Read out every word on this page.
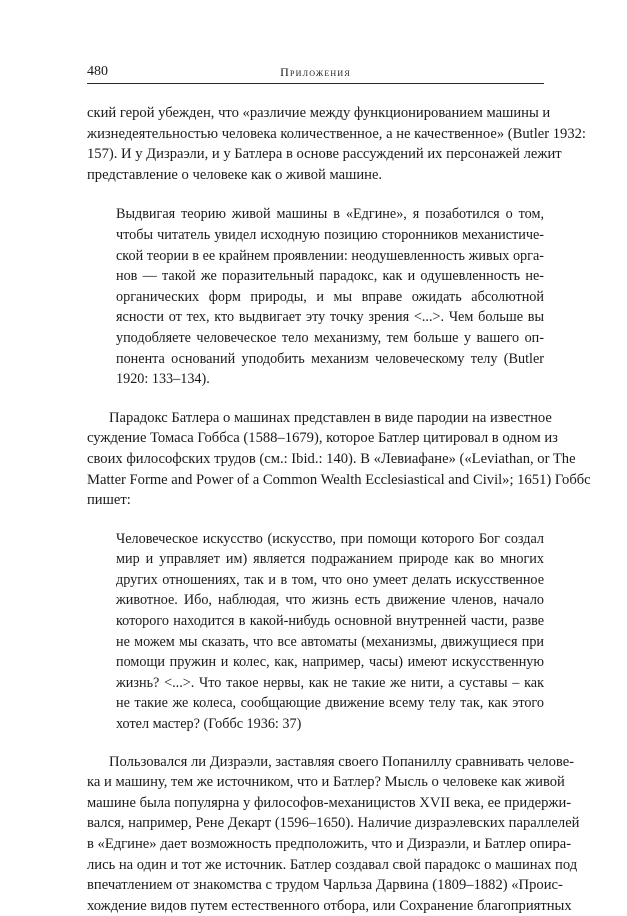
480	Приложения
ский герой убежден, что «различие между функционированием машины и
жизнедеятельностью человека количественное, а не качественное» (Butler 1932:
157). И у Дизраэли, и у Батлера в основе рассуждений их персонажей лежит
представление о человеке как о живой машине.
Выдвигая теорию живой машины в «Едгине», я позаботился о том,
чтобы читатель увидел исходную позицию сторонников механистиче-
ской теории в ее крайнем проявлении: неодушевленность живых орга-
нов — такой же поразительный парадокс, как и одушевленность не-
органических форм природы, и мы вправе ожидать абсолютной
ясности от тех, кто выдвигает эту точку зрения <...>. Чем больше вы
уподобляете человеческое тело механизму, тем больше у вашего оп-
понента оснований уподобить механизм человеческому телу (Butler
1920: 133–134).
Парадокс Батлера о машинах представлен в виде пародии на известное
суждение Томаса Гоббса (1588–1679), которое Батлер цитировал в одном из
своих философских трудов (см.: Ibid.: 140). В «Левиафане» («Leviathan, or The
Matter Forme and Power of a Common Wealth Ecclesiastical and Civil»; 1651) Гоббс
пишет:
Человеческое искусство (искусство, при помощи которого Бог создал
мир и управляет им) является подражанием природе как во многих
других отношениях, так и в том, что оно умеет делать искусственное
животное. Ибо, наблюдая, что жизнь есть движение членов, начало
которого находится в какой-нибудь основной внутренней части, разве
не можем мы сказать, что все автоматы (механизмы, движущиеся при
помощи пружин и колес, как, например, часы) имеют искусственную
жизнь? <...>. Что такое нервы, как не такие же нити, а суставы – как
не такие же колеса, сообщающие движение всему телу так, как этого
хотел мастер? (Гоббс 1936: 37)
Пользовался ли Дизраэли, заставляя своего Попаниллу сравнивать челове-
ка и машину, тем же источником, что и Батлер? Мысль о человеке как живой
машине была популярна у философов-механицистов XVII века, ее придержи-
вался, например, Рене Декарт (1596–1650). Наличие дизраэлевских параллелей
в «Едгине» дает возможность предположить, что и Дизраэли, и Батлер опира-
лись на один и тот же источник. Батлер создавал свой парадокс о машинах под
впечатлением от знакомства с трудом Чарльза Дарвина (1809–1882) «Проис-
хождение видов путем естественного отбора, или Сохранение благоприятных
